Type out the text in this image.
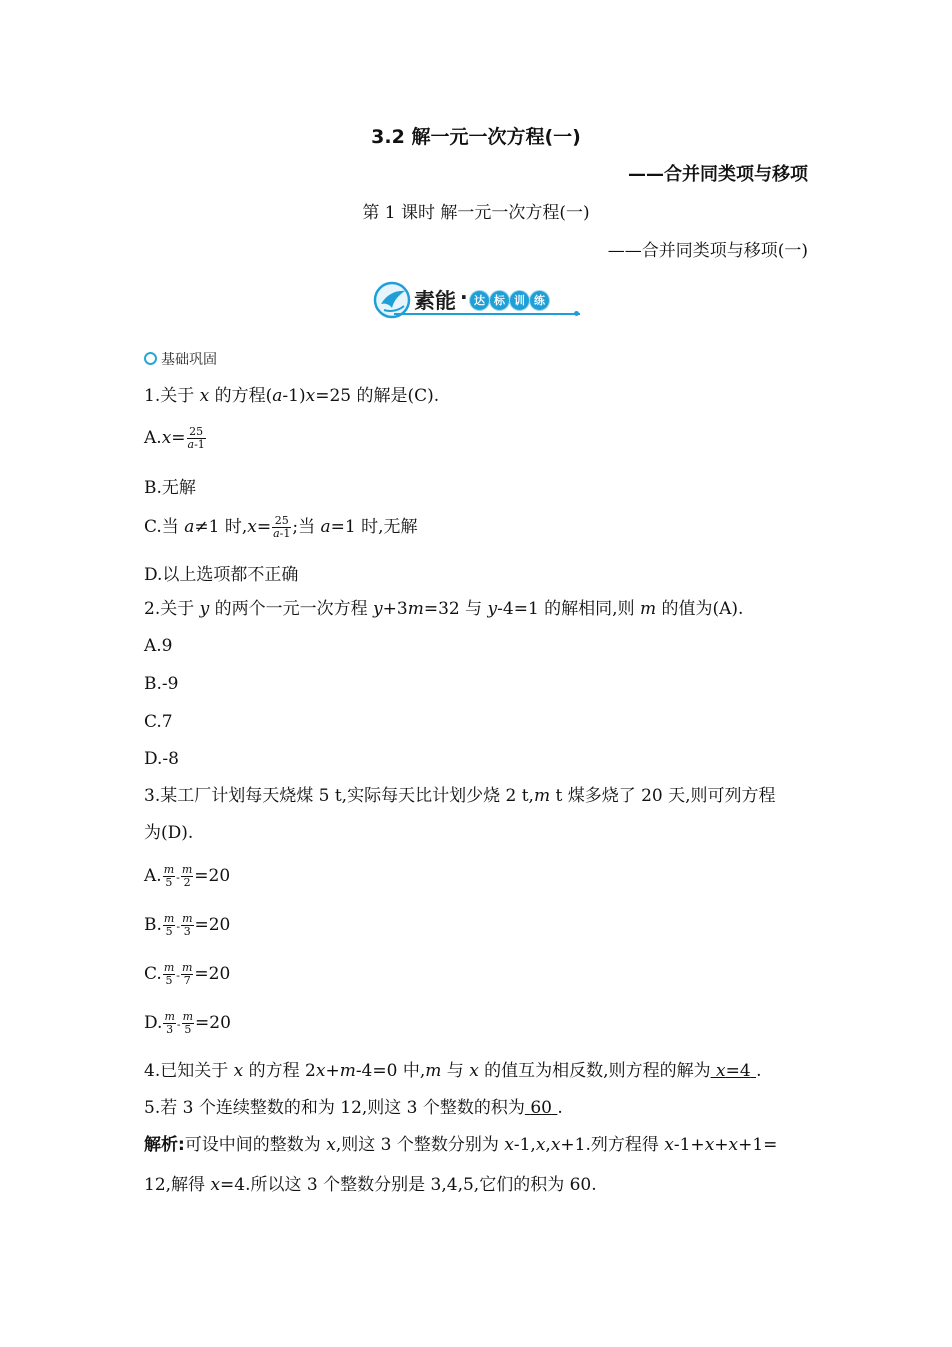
3.2 解一元一次方程(一)
——合并同类项与移项
第 1 课时 解一元一次方程(一)
——合并同类项与移项(一)
素能 · 达 标 训 练
基础巩固
1.关于 x 的方程(a-1)x=25 的解是(C).
$A.x= \frac{25}{a-1}$
B.无解
C.当 a≠1 时$,x= \frac{25}{a-1}$ ;当 a=1 时,无解
D.以上选项都不正确
2.关于 y 的两个一元一次方程 y+3m=32 与 y-4=1 的解相同,则 m 的值为(A).
A.9
B.-9
C.7
D.-8
3.某工厂计划每天烧煤 5 t,实际每天比计划少烧 2 t,m t 煤多烧了 20 天,则可列方程
为(D).
A. $\frac{m}{5} - \frac{m}{2} =20$
B. $\frac{m}{5} - \frac{m}{3} =20$
C. $\frac{m}{5} - \frac{m}{7} =20$
D. $\frac{m}{3} - \frac{m}{5} =20$
4.已知关于 x 的方程 2x+m-4=0 中,m 与 x 的值互为相反数,则方程的解为 x=4 .
5.若 3 个连续整数的和为 12,则这 3 个整数的积为 60 .
解析:可设中间的整数为 x,则这 3 个整数分别为 x-1,x,x+1.列方程得 x-1+x+x+1=
12,解得 x=4.所以这 3 个整数分别是 3,4,5,它们的积为 60.
